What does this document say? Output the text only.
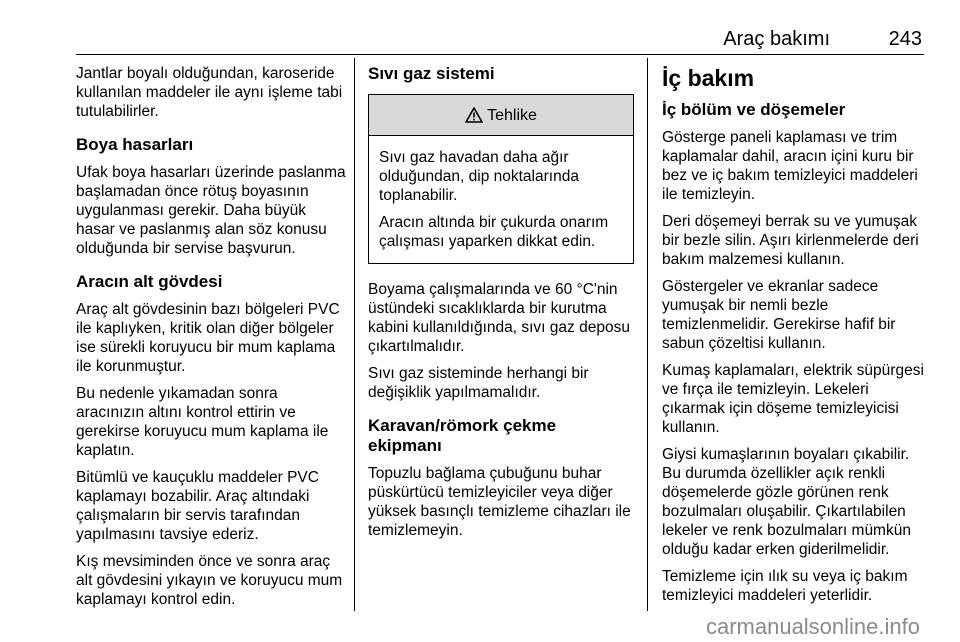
Araç bakımı	243

Jantlar boyalı olduğundan, karoseride kullanılan maddeler ile aynı işleme tabi tutulabilirler.

Boya hasarları

Ufak boya hasarları üzerinde paslanma başlamadan önce rötuş boyasının uygulanması gerekir. Daha büyük hasar ve paslanmış alan söz konusu olduğunda bir servise başvurun.

Aracın alt gövdesi

Araç alt gövdesinin bazı bölgeleri PVC ile kaplıyken, kritik olan diğer bölgeler ise sürekli koruyucu bir mum kaplama ile korunmuştur.

Bu nedenle yıkamadan sonra aracınızın altını kontrol ettirin ve gerekirse koruyucu mum kaplama ile kaplatın.

Bitümlü ve kauçuklu maddeler PVC kaplamayı bozabilir. Araç altındaki çalışmaların bir servis tarafından yapılmasını tavsiye ederiz.

Kış mevsiminden önce ve sonra araç alt gövdesini yıkayın ve koruyucu mum kaplamayı kontrol edin.

Sıvı gaz sistemi
Tehlike

Sıvı gaz havadan daha ağır olduğundan, dip noktalarında toplanabilir.

Aracın altında bir çukurda onarım çalışması yaparken dikkat edin.

Boyama çalışmalarında ve 60 °C'nin üstündeki sıcaklıklarda bir kurutma kabini kullanıldığında, sıvı gaz deposu çıkartılmalıdır.

Sıvı gaz sisteminde herhangi bir değişiklik yapılmamalıdır.

Karavan/römork çekme ekipmanı

Topuzlu bağlama çubuğunu buhar püskürtücü temizleyiciler veya diğer yüksek basınçlı temizleme cihazları ile temizlemeyin.

İç bakım
İç bölüm ve döşemeler

Gösterge paneli kaplaması ve trim kaplamalar dahil, aracın içini kuru bir bez ve iç bakım temizleyici maddeleri ile temizleyin.

Deri döşemeyi berrak su ve yumuşak bir bezle silin. Aşırı kirlenmelerde deri bakım malzemesi kullanın.

Göstergeler ve ekranlar sadece yumuşak bir nemli bezle temizlenmelidir. Gerekirse hafif bir sabun çözeltisi kullanın.

Kumaş kaplamaları, elektrik süpürgesi ve fırça ile temizleyin. Lekeleri çıkarmak için döşeme temizleyicisi kullanın.

Giysi kumaşlarının boyaları çıkabilir. Bu durumda özellikler açık renkli döşemelerde gözle görünen renk bozulmaları oluşabilir. Çıkartılabilen lekeler ve renk bozulmaları mümkün olduğu kadar erken giderilmelidir.

Temizleme için ılık su veya iç bakım temizleyici maddeleri yeterlidir.

carmanualsonline.info
